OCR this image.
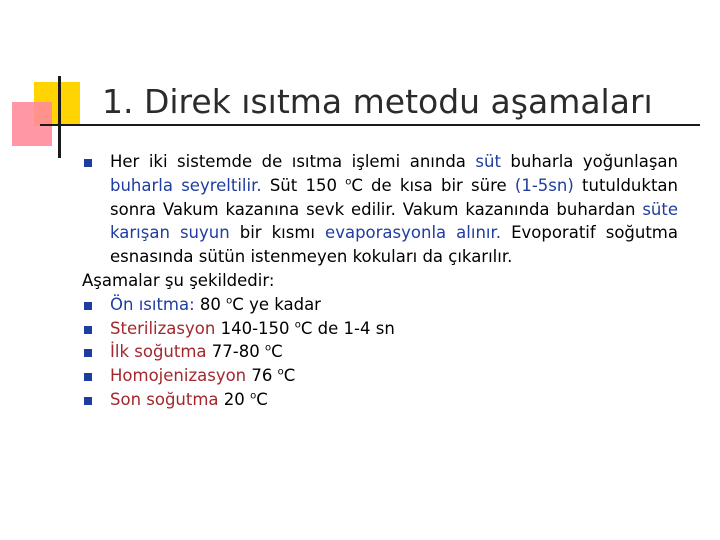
1. Direk ısıtma metodu aşamaları
Her iki sistemde de ısıtma işlemi anında süt buharla yoğunlaşan buharla seyreltilir. Süt 150 $^o$C de kısa bir süre (1-5sn) tutulduktan sonra Vakum kazanına sevk edilir. Vakum kazanında buhardan süte karışan suyun bir kısmı evaporasyonla alınır. Evoporatif soğutma esnasında sütün istenmeyen kokuları da çıkarılır.
Aşamalar şu şekildedir:
Ön ısıtma: 80 $^o$C ye kadar
Sterilizasyon 140-150 $^o$C de 1-4 sn
İlk soğutma 77-80 $^o$C
Homojenizasyon 76 $^o$C
Son soğutma 20 $^o$C
